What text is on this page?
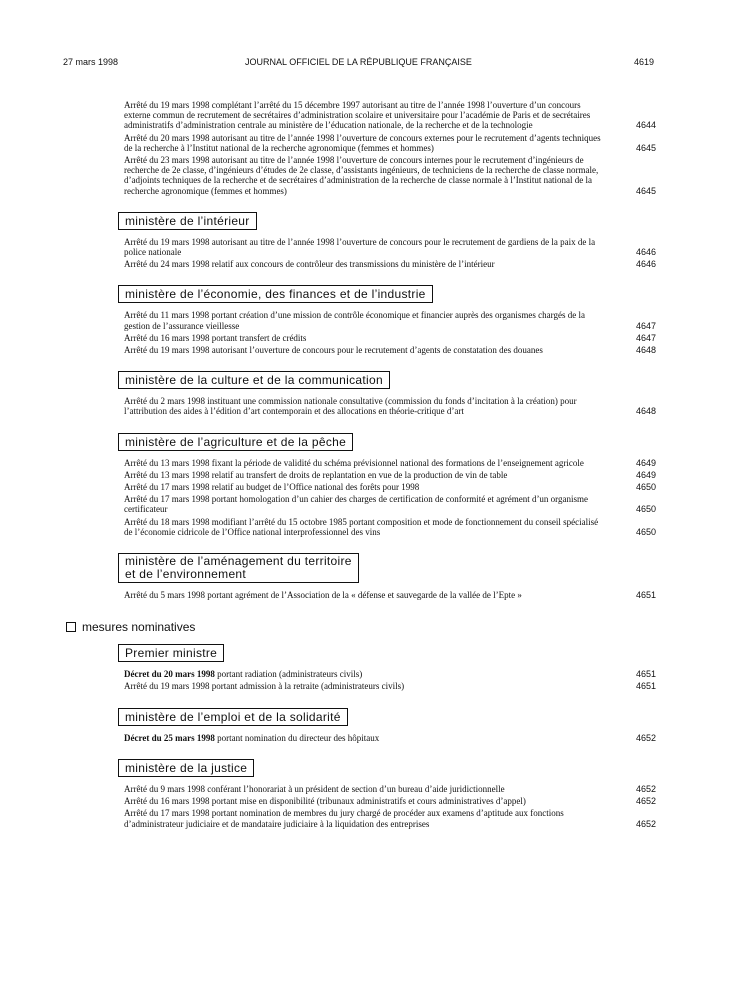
27 mars 1998	JOURNAL OFFICIEL DE LA RÉPUBLIQUE FRANÇAISE	4619
Arrêté du 19 mars 1998 complétant l’arrêté du 15 décembre 1997 autorisant au titre de l’année 1998 l’ouverture d’un concours externe commun de recrutement de secrétaires d’administration scolaire et universitaire pour l’académie de Paris et de secrétaires administratifs d’administration centrale au ministère de l’éducation nationale, de la recherche et de la technologie	4644
Arrêté du 20 mars 1998 autorisant au titre de l’année 1998 l’ouverture de concours externes pour le recrutement d’agents techniques de la recherche à l’Institut national de la recherche agronomique (femmes et hommes)	4645
Arrêté du 23 mars 1998 autorisant au titre de l’année 1998 l’ouverture de concours internes pour le recrutement d’ingénieurs de recherche de 2e classe, d’ingénieurs d’études de 2e classe, d’assistants ingénieurs, de techniciens de la recherche de classe normale, d’adjoints techniques de la recherche et de secrétaires d’administration de la recherche de classe normale à l’Institut national de la recherche agronomique (femmes et hommes)	4645
ministère de l’intérieur
Arrêté du 19 mars 1998 autorisant au titre de l’année 1998 l’ouverture de concours pour le recrutement de gardiens de la paix de la police nationale	4646
Arrêté du 24 mars 1998 relatif aux concours de contrôleur des transmissions du ministère de l’intérieur	4646
ministère de l’économie, des finances et de l’industrie
Arrêté du 11 mars 1998 portant création d’une mission de contrôle économique et financier auprès des organismes chargés de la gestion de l’assurance vieillesse	4647
Arrêté du 16 mars 1998 portant transfert de crédits	4647
Arrêté du 19 mars 1998 autorisant l’ouverture de concours pour le recrutement d’agents de constatation des douanes	4648
ministère de la culture et de la communication
Arrêté du 2 mars 1998 instituant une commission nationale consultative (commission du fonds d’incitation à la création) pour l’attribution des aides à l’édition d’art contemporain et des allocations en théorie-critique d’art	4648
ministère de l’agriculture et de la pêche
Arrêté du 13 mars 1998 fixant la période de validité du schéma prévisionnel national des formations de l’enseignement agricole	4649
Arrêté du 13 mars 1998 relatif au transfert de droits de replantation en vue de la production de vin de table	4649
Arrêté du 17 mars 1998 relatif au budget de l’Office national des forêts pour 1998	4650
Arrêté du 17 mars 1998 portant homologation d’un cahier des charges de certification de conformité et agrément d’un organisme certificateur	4650
Arrêté du 18 mars 1998 modifiant l’arrêté du 15 octobre 1985 portant composition et mode de fonctionnement du conseil spécialisé de l’économie cidricole de l’Office national interprofessionnel des vins	4650
ministère de l’aménagement du territoire
et de l’environnement
Arrêté du 5 mars 1998 portant agrément de l’Association de la « défense et sauvegarde de la vallée de l’Epte »	4651
mesures nominatives
Premier ministre
Décret du 20 mars 1998 portant radiation (administrateurs civils)	4651
Arrêté du 19 mars 1998 portant admission à la retraite (administrateurs civils)	4651
ministère de l’emploi et de la solidarité
Décret du 25 mars 1998 portant nomination du directeur des hôpitaux	4652
ministère de la justice
Arrêté du 9 mars 1998 conférant l’honorariat à un président de section d’un bureau d’aide juridictionnelle	4652
Arrêté du 16 mars 1998 portant mise en disponibilité (tribunaux administratifs et cours administratives d’appel)	4652
Arrêté du 17 mars 1998 portant nomination de membres du jury chargé de procéder aux examens d’aptitude aux fonctions d’administrateur judiciaire et de mandataire judiciaire à la liquidation des entreprises	4652
